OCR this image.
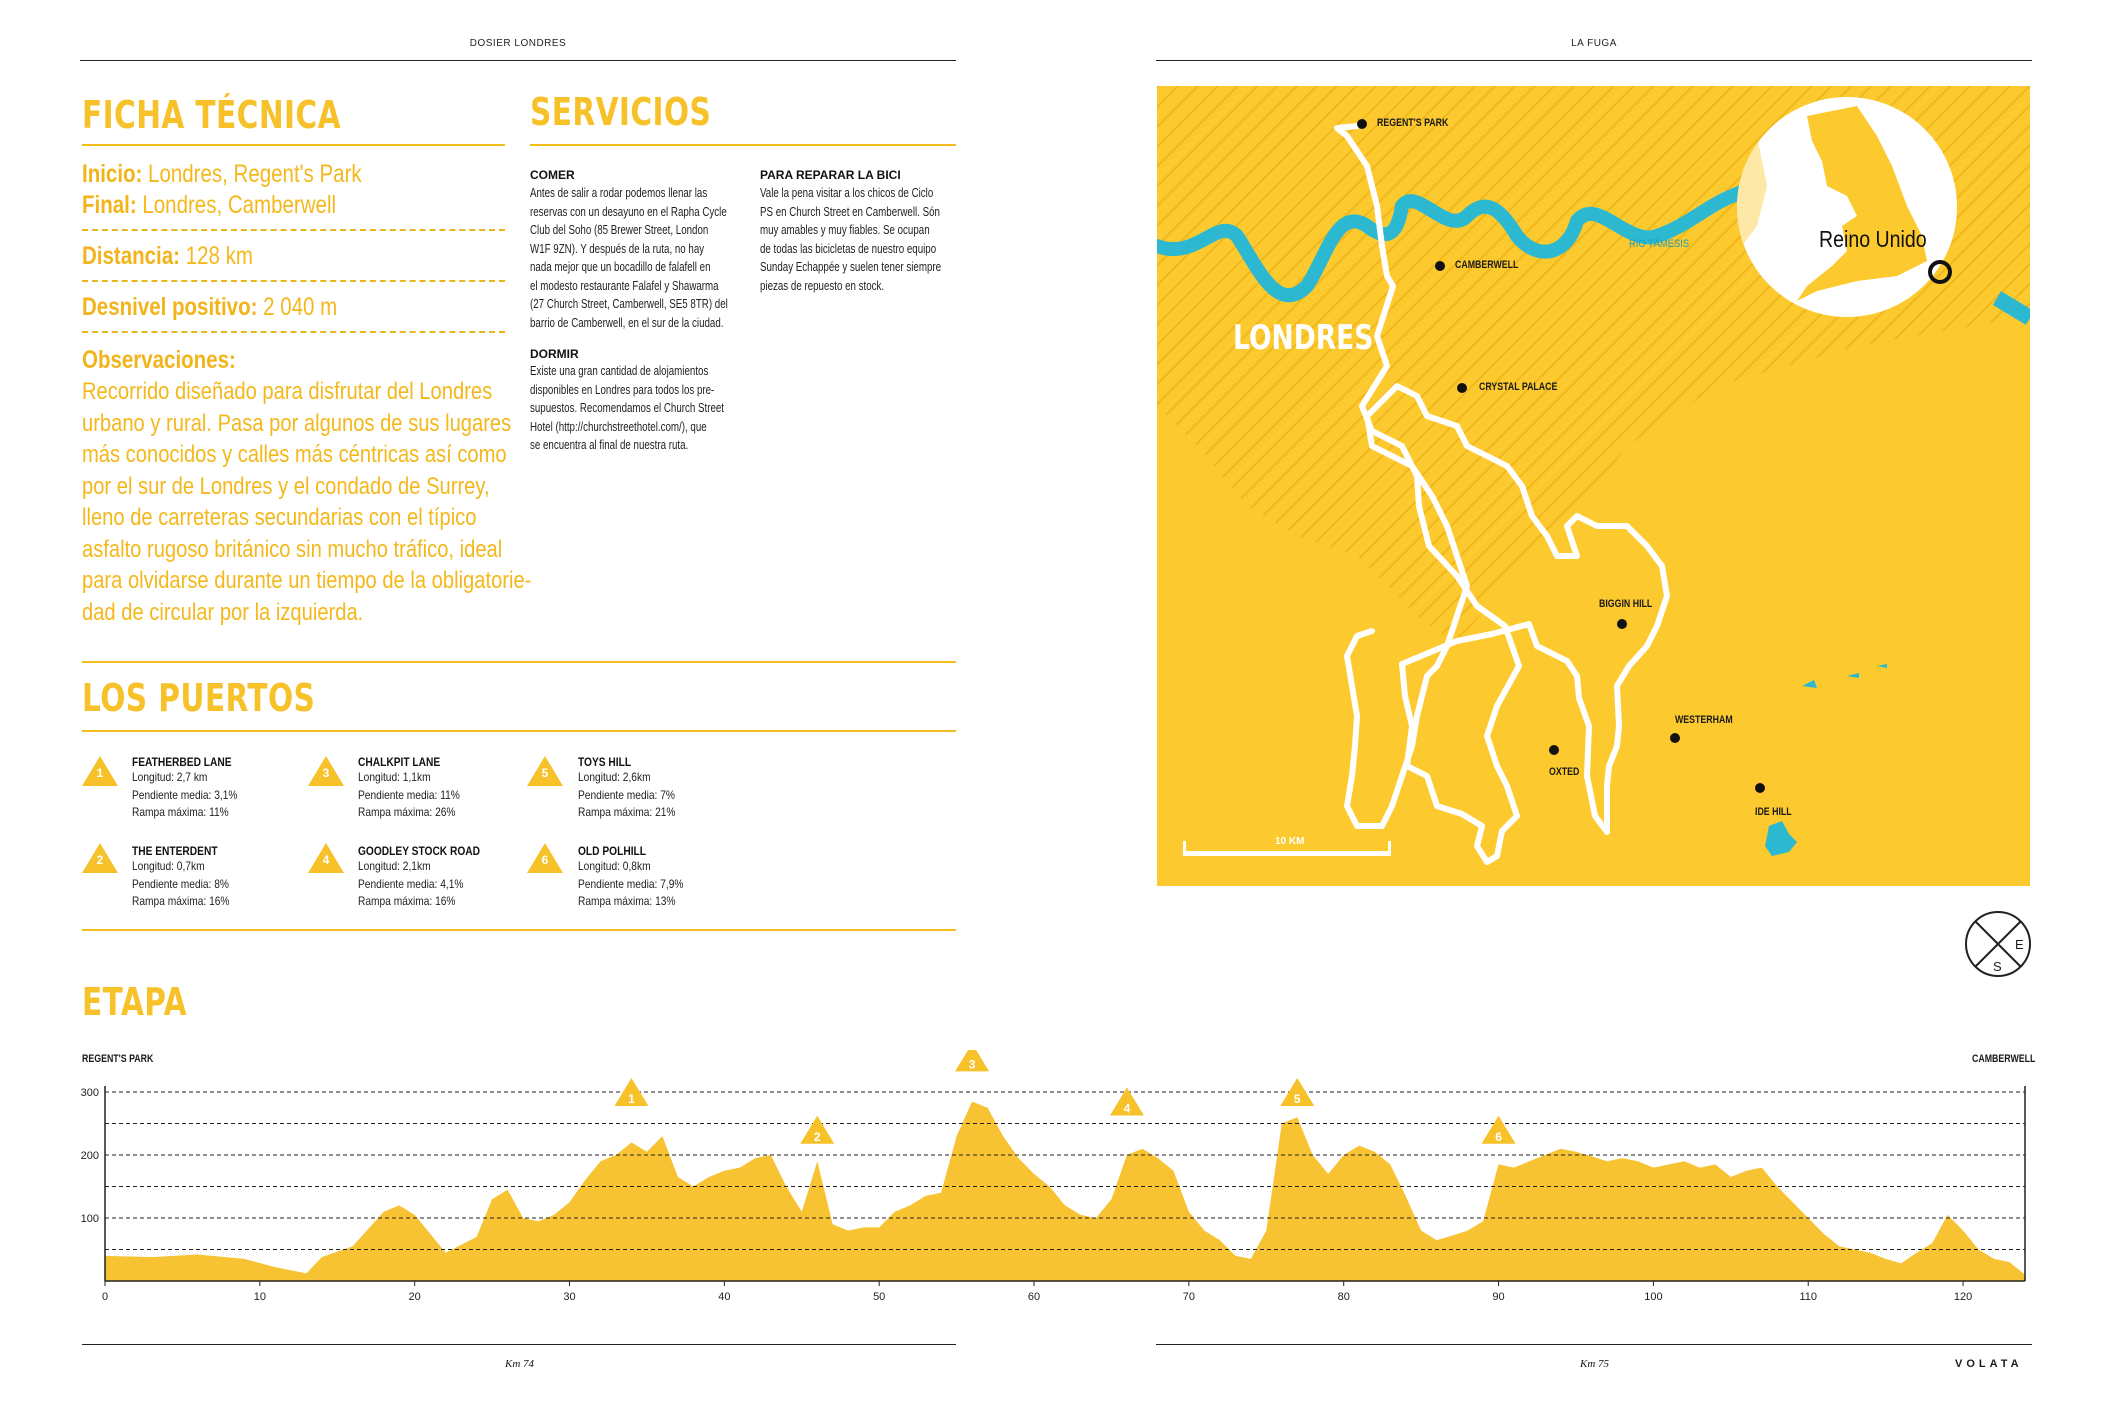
DOSIER LONDRES	LA FUGA
FICHA TÉCNICA
Inicio: Londres, Regent's Park
Final: Londres, Camberwell
Distancia: 128 km
Desnivel positivo: 2 040 m
Observaciones:
Recorrido diseñado para disfrutar del Londres
urbano y rural. Pasa por algunos de sus lugares
más conocidos y calles más céntricas así como
por el sur de Londres y el condado de Surrey,
lleno de carreteras secundarias con el típico
asfalto rugoso británico sin mucho tráfico, ideal
para olvidarse durante un tiempo de la obligatorie-
dad de circular por la izquierda.
SERVICIOS
COMER
Antes de salir a rodar podemos llenar las
reservas con un desayuno en el Rapha Cycle
Club del Soho (85 Brewer Street, London
W1F 9ZN). Y después de la ruta, no hay
nada mejor que un bocadillo de falafell en
el modesto restaurante Falafel y Shawarma
(27 Church Street, Camberwell, SE5 8TR) del
barrio de Camberwell, en el sur de la ciudad.
DORMIR
Existe una gran cantidad de alojamientos
disponibles en Londres para todos los pre-
supuestos. Recomendamos el Church Street
Hotel (http://churchstreethotel.com/), que
se encuentra al final de nuestra ruta.
PARA REPARAR LA BICI
Vale la pena visitar a los chicos de Ciclo
PS en Church Street en Camberwell. Són
muy amables y muy fiables. Se ocupan
de todas las bicicletas de nuestro equipo
Sunday Echappée y suelen tener siempre
piezas de repuesto en stock.
LOS PUERTOS
1
FEATHERBED LANE
Longitud: 2,7 km
Pendiente media: 3,1%
Rampa máxima: 11%
2
THE ENTERDENT
Longitud: 0,7km
Pendiente media: 8%
Rampa máxima: 16%
3
CHALKPIT LANE
Longitud: 1,1km
Pendiente media: 11%
Rampa máxima: 26%
4
GOODLEY STOCK ROAD
Longitud: 2,1km
Pendiente media: 4,1%
Rampa máxima: 16%
5
TOYS HILL
Longitud: 2,6km
Pendiente media: 7%
Rampa máxima: 21%
6
OLD POLHILL
Longitud: 0,8km
Pendiente media: 7,9%
Rampa máxima: 13%
REGENT'S PARK
CAMBERWELL
CRYSTAL PALACE
BIGGIN HILL
WESTERHAM
OXTED
IDE HILL
LONDRES
RÍO TÁMESIS	Reino Unido
10 KM
E
S
ETAPA
REGENT'S PARK	CAMBERWELL
100
200
300
0	10	20	30	40	50	60	70	80	90	100	110	120
1
2
3
4
5
6
Km 74	Km 75	VOLATA
